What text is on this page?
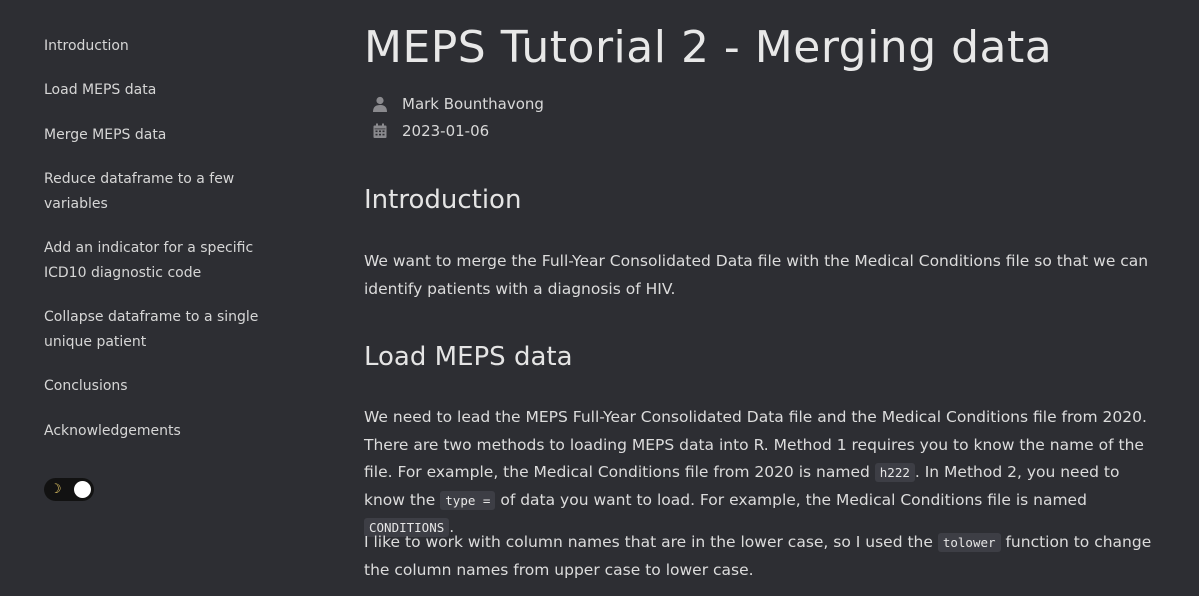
Introduction
Load MEPS data
Merge MEPS data
Reduce dataframe to a few variables
Add an indicator for a specific ICD10 diagnostic code
Collapse dataframe to a single unique patient
Conclusions
Acknowledgements
☽
MEPS Tutorial 2 - Merging data
Mark Bounthavong
2023-01-06
Introduction

We want to merge the Full-Year Consolidated Data file with the Medical Conditions file so that we can identify patients with a diagnosis of HIV.

Load MEPS data

We need to lead the MEPS Full-Year Consolidated Data file and the Medical Conditions file from 2020. There are two methods to loading MEPS data into R. Method 1 requires you to know the name of the file. For example, the Medical Conditions file from 2020 is named h222 . In Method 2, you need to know the type = of data you want to load. For example, the Medical Conditions file is named CONDITIONS .

I like to work with column names that are in the lower case, so I used the tolower function to change the column names from upper case to lower case.
